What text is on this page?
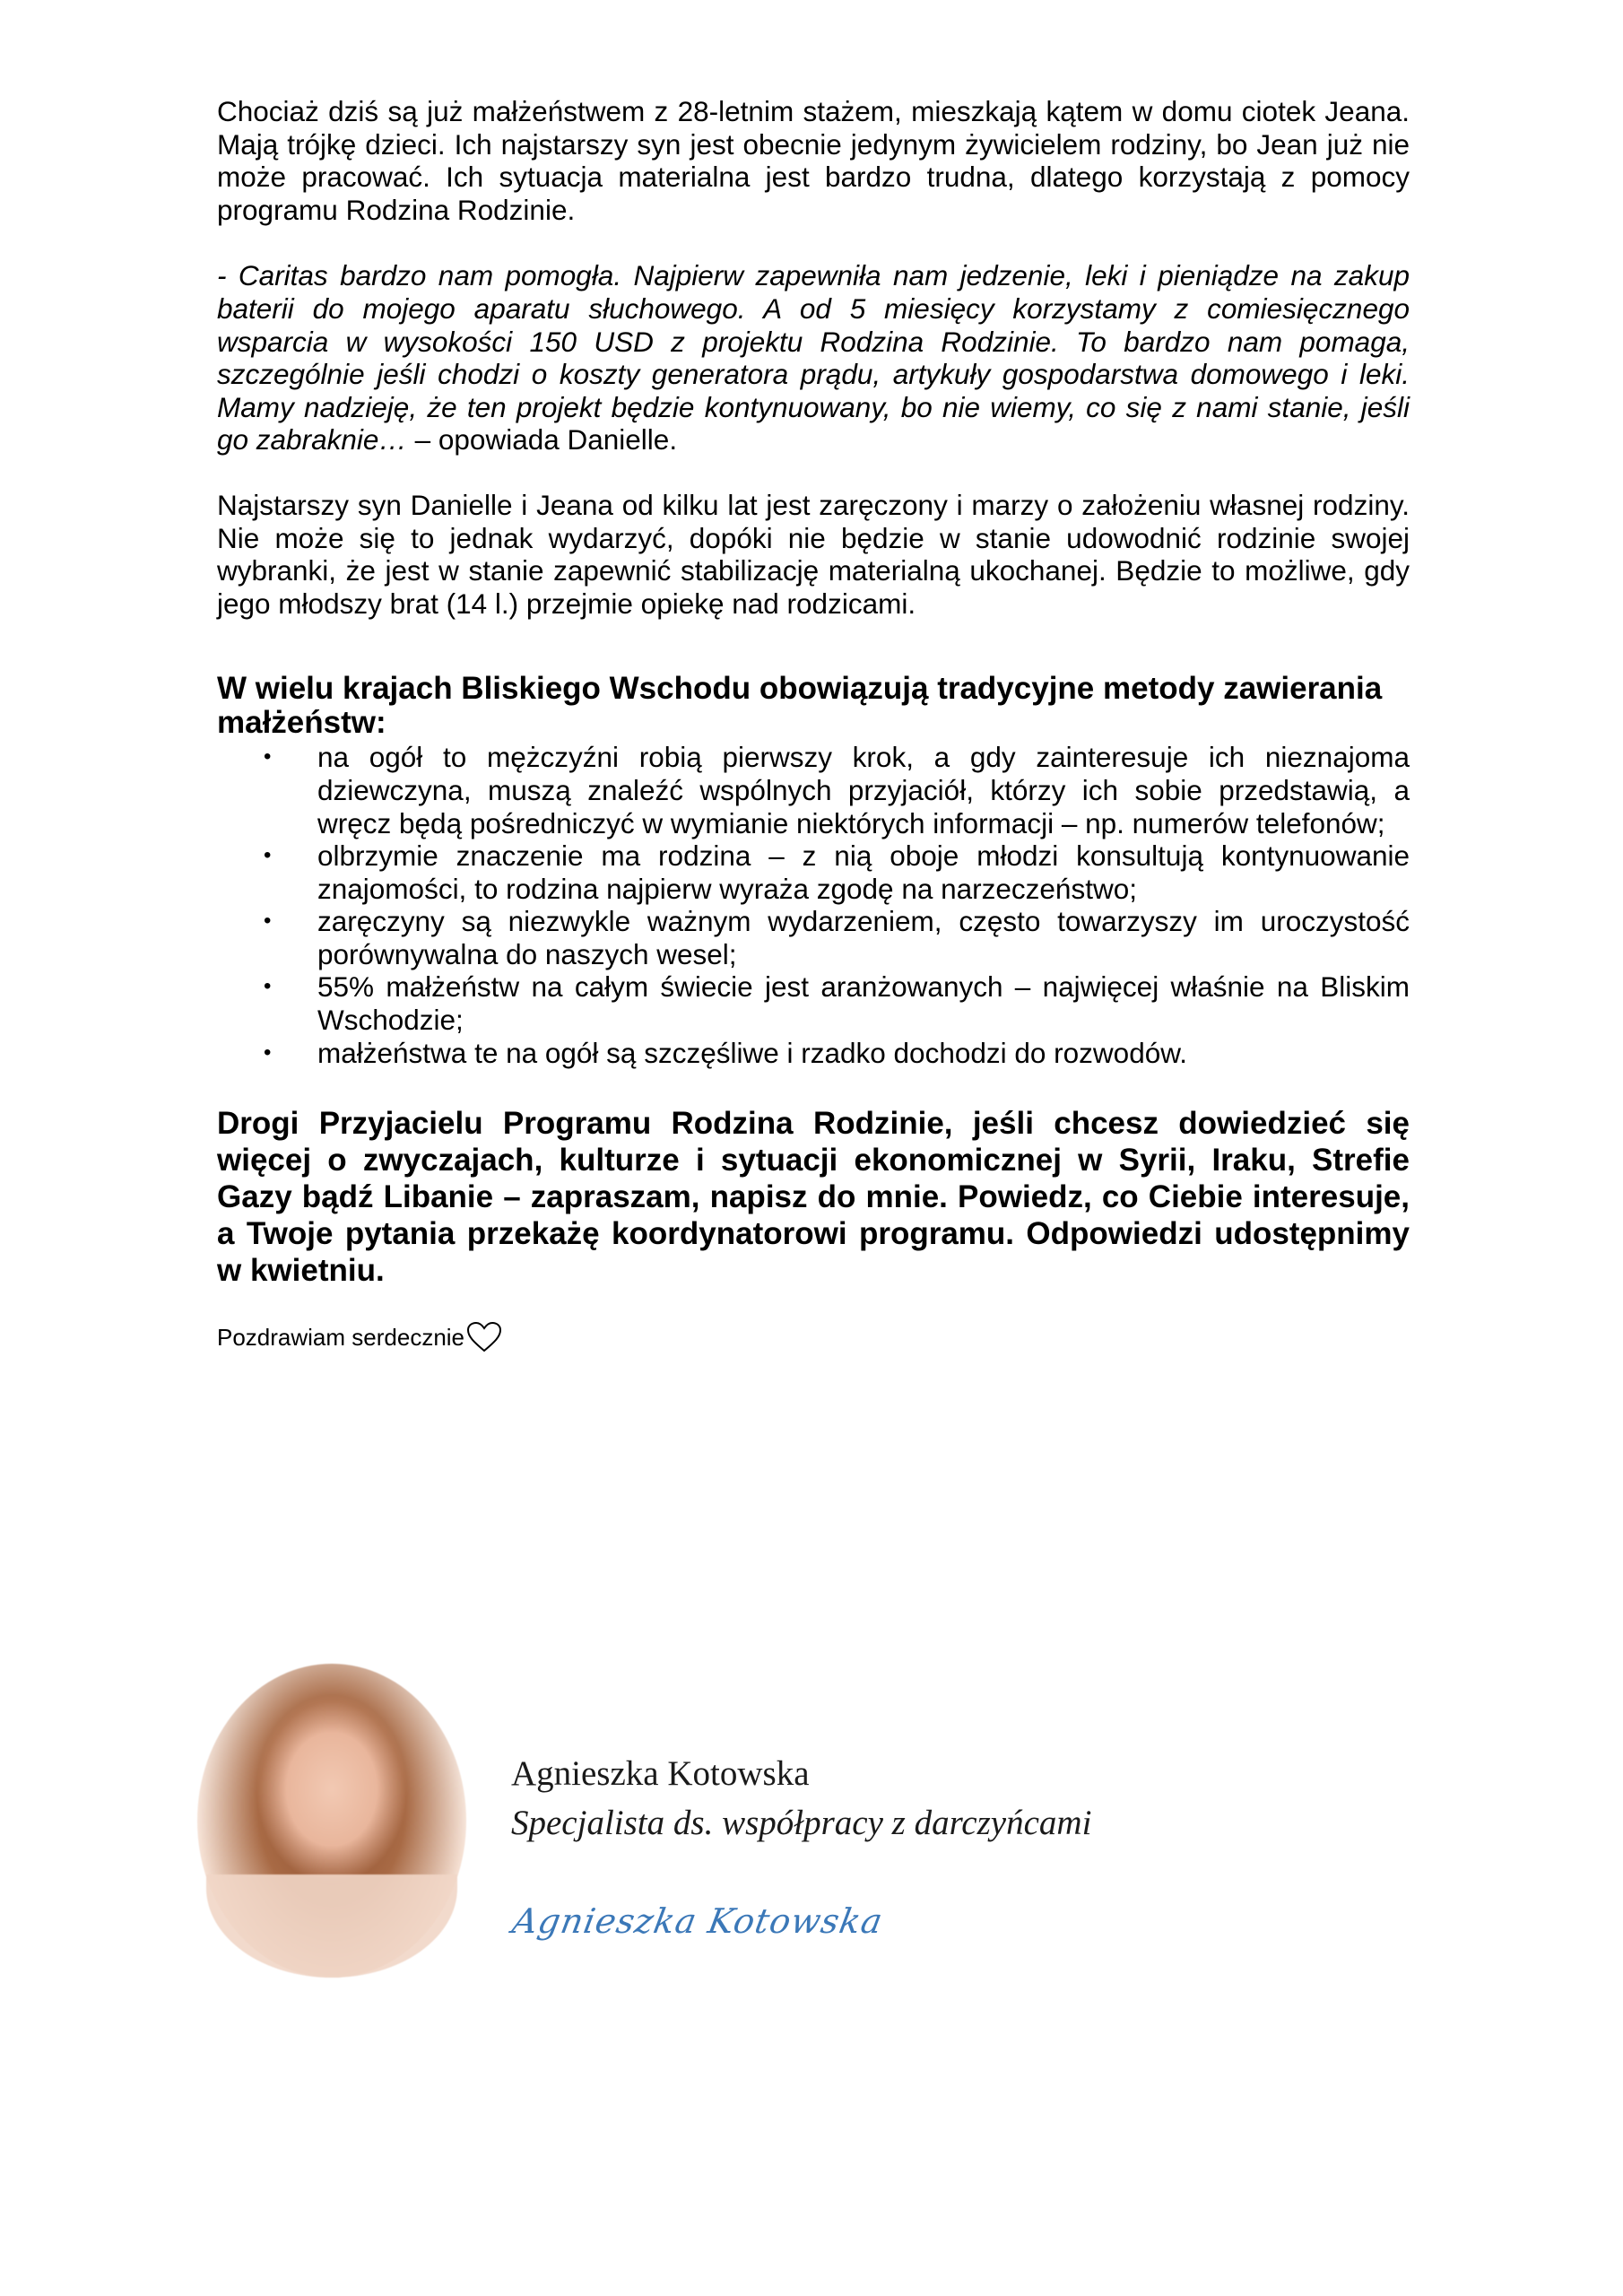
Chociaż dziś są już małżeństwem z 28-letnim stażem, mieszkają kątem w domu ciotek Jeana. Mają trójkę dzieci. Ich najstarszy syn jest obecnie jedynym żywicielem rodziny, bo Jean już nie może pracować. Ich sytuacja materialna jest bardzo trudna, dlatego korzystają z pomocy programu Rodzina Rodzinie.

- Caritas bardzo nam pomogła. Najpierw zapewniła nam jedzenie, leki i pieniądze na zakup baterii do mojego aparatu słuchowego. A od 5 miesięcy korzystamy z comiesięcznego wsparcia w wysokości 150 USD z projektu Rodzina Rodzinie. To bardzo nam pomaga, szczególnie jeśli chodzi o koszty generatora prądu, artykuły gospodarstwa domowego i leki. Mamy nadzieję, że ten projekt będzie kontynuowany, bo nie wiemy, co się z nami stanie, jeśli go zabraknie… – opowiada Danielle.

Najstarszy syn Danielle i Jeana od kilku lat jest zaręczony i marzy o założeniu własnej rodziny. Nie może się to jednak wydarzyć, dopóki nie będzie w stanie udowodnić rodzinie swojej wybranki, że jest w stanie zapewnić stabilizację materialną ukochanej. Będzie to możliwe, gdy jego młodszy brat (14 l.) przejmie opiekę nad rodzicami.

W wielu krajach Bliskiego Wschodu obowiązują tradycyjne metody zawierania małżeństw:

• na ogół to mężczyźni robią pierwszy krok, a gdy zainteresuje ich nieznajoma dziewczyna, muszą znaleźć wspólnych przyjaciół, którzy ich sobie przedstawią, a wręcz będą pośredniczyć w wymianie niektórych informacji – np. numerów telefonów;
• olbrzymie znaczenie ma rodzina – z nią oboje młodzi konsultują kontynuowanie znajomości, to rodzina najpierw wyraża zgodę na narzeczeństwo;
• zaręczyny są niezwykle ważnym wydarzeniem, często towarzyszy im uroczystość porównywalna do naszych wesel;
• 55% małżeństw na całym świecie jest aranżowanych – najwięcej właśnie na Bliskim Wschodzie;
• małżeństwa te na ogół są szczęśliwe i rzadko dochodzi do rozwodów.

Drogi Przyjacielu Programu Rodzina Rodzinie, jeśli chcesz dowiedzieć się więcej o zwyczajach, kulturze i sytuacji ekonomicznej w Syrii, Iraku, Strefie Gazy bądź Libanie – zapraszam, napisz do mnie. Powiedz, co Ciebie interesuje, a Twoje pytania przekażę koordynatorowi programu. Odpowiedzi udostępnimy w kwietniu.

Pozdrawiam serdecznie
Agnieszka Kotowska
Specjalista ds. współpracy z darczyńcami
Agnieszka Kotowska
